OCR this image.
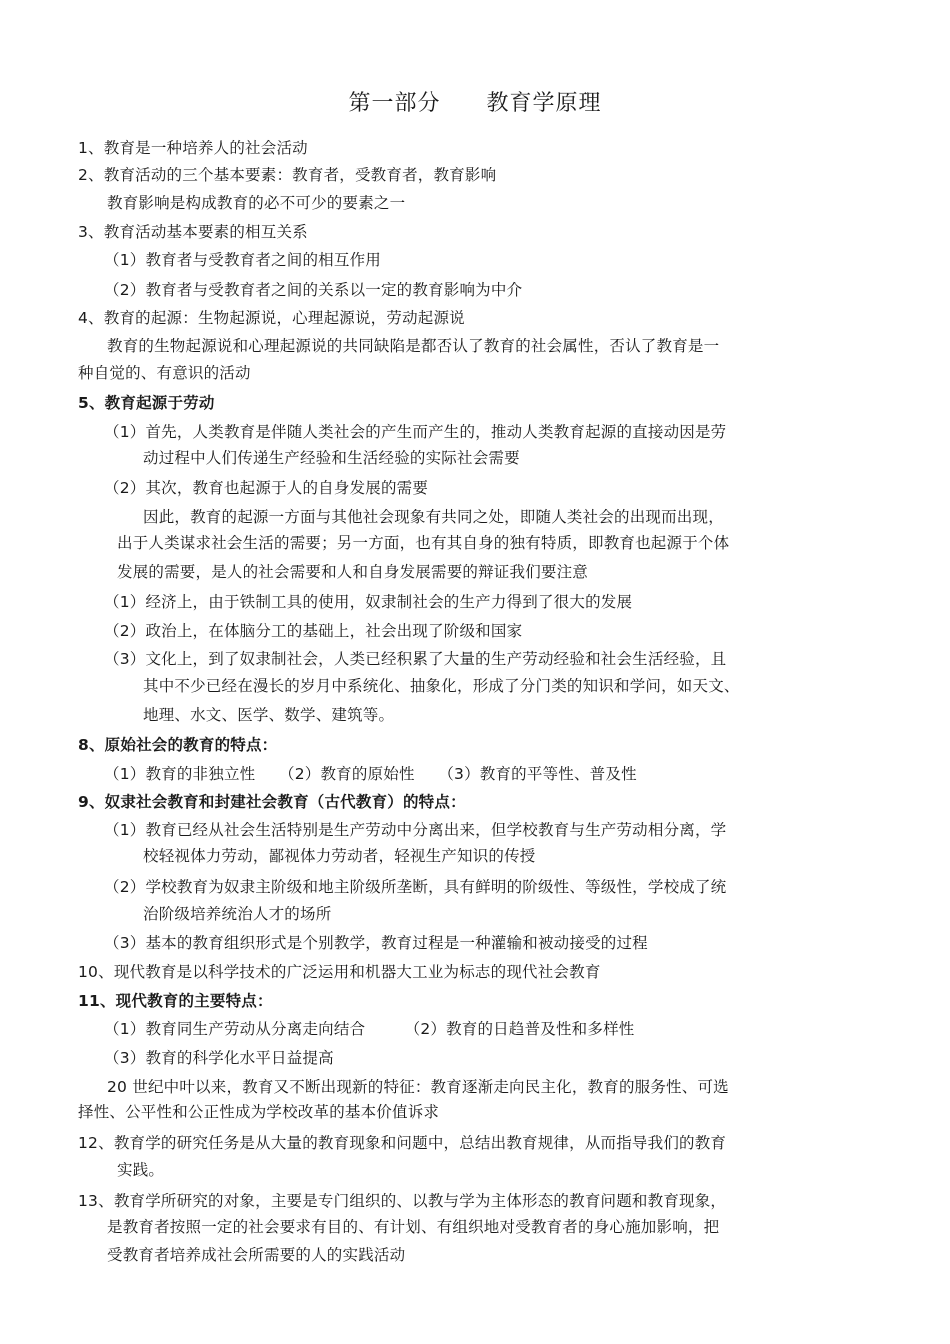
第一部分　　教育学原理
1、教育是一种培养人的社会活动
2、教育活动的三个基本要素：教育者，受教育者，教育影响
教育影响是构成教育的必不可少的要素之一
3、教育活动基本要素的相互关系
（1）教育者与受教育者之间的相互作用
（2）教育者与受教育者之间的关系以一定的教育影响为中介
4、教育的起源：生物起源说，心理起源说，劳动起源说
教育的生物起源说和心理起源说的共同缺陷是都否认了教育的社会属性，否认了教育是一
种自觉的、有意识的活动
5、教育起源于劳动
（1）首先，人类教育是伴随人类社会的产生而产生的，推动人类教育起源的直接动因是劳
动过程中人们传递生产经验和生活经验的实际社会需要
（2）其次，教育也起源于人的自身发展的需要
因此，教育的起源一方面与其他社会现象有共同之处，即随人类社会的出现而出现，
出于人类谋求社会生活的需要；另一方面，也有其自身的独有特质，即教育也起源于个体
发展的需要，是人的社会需要和人和自身发展需要的辩证我们要注意
（1）经济上，由于铁制工具的使用，奴隶制社会的生产力得到了很大的发展
（2）政治上，在体脑分工的基础上，社会出现了阶级和国家
（3）文化上，到了奴隶制社会，人类已经积累了大量的生产劳动经验和社会生活经验，且
其中不少已经在漫长的岁月中系统化、抽象化，形成了分门类的知识和学问，如天文、
地理、水文、医学、数学、建筑等。
8、原始社会的教育的特点：
（1）教育的非独立性　　（2）教育的原始性　　（3）教育的平等性、普及性
9、奴隶社会教育和封建社会教育（古代教育）的特点：
（1）教育已经从社会生活特别是生产劳动中分离出来，但学校教育与生产劳动相分离，学
校轻视体力劳动，鄙视体力劳动者，轻视生产知识的传授
（2）学校教育为奴隶主阶级和地主阶级所垄断，具有鲜明的阶级性、等级性，学校成了统
治阶级培养统治人才的场所
（3）基本的教育组织形式是个别教学，教育过程是一种灌输和被动接受的过程
10、现代教育是以科学技术的广泛运用和机器大工业为标志的现代社会教育
11、现代教育的主要特点：
（1）教育同生产劳动从分离走向结合　　　（2）教育的日趋普及性和多样性
（3）教育的科学化水平日益提高
20 世纪中叶以来，教育又不断出现新的特征：教育逐渐走向民主化，教育的服务性、可选
择性、公平性和公正性成为学校改革的基本价值诉求
12、教育学的研究任务是从大量的教育现象和问题中，总结出教育规律，从而指导我们的教育
实践。
13、教育学所研究的对象，主要是专门组织的、以教与学为主体形态的教育问题和教育现象，
是教育者按照一定的社会要求有目的、有计划、有组织地对受教育者的身心施加影响，把
受教育者培养成社会所需要的人的实践活动
